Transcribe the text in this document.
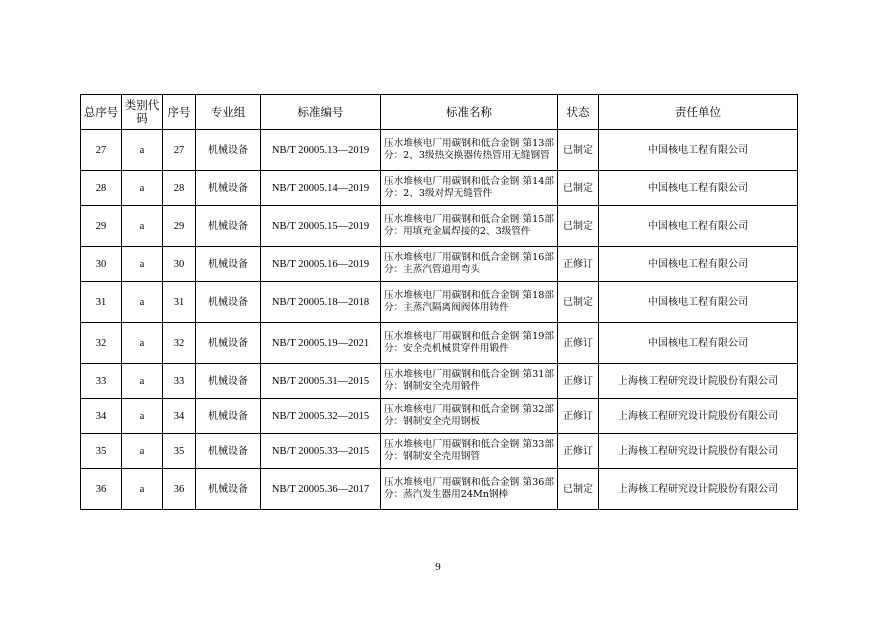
总序号	类别代码	序号	专业组	标准编号	标准名称	状态	责任单位
27	a	27	机械设备	NB/T 20005.13—2019	压水堆核电厂用碳钢和低合金钢 第13部分：2、3级热交换器传热管用无缝钢管	已制定	中国核电工程有限公司
28	a	28	机械设备	NB/T 20005.14—2019	压水堆核电厂用碳钢和低合金钢 第14部分：2、3级对焊无缝管件	已制定	中国核电工程有限公司
29	a	29	机械设备	NB/T 20005.15—2019	压水堆核电厂用碳钢和低合金钢 第15部分：用填充金属焊接的2、3级管件	已制定	中国核电工程有限公司
30	a	30	机械设备	NB/T 20005.16—2019	压水堆核电厂用碳钢和低合金钢 第16部分：主蒸汽管道用弯头	正修订	中国核电工程有限公司
31	a	31	机械设备	NB/T 20005.18—2018	压水堆核电厂用碳钢和低合金钢 第18部分：主蒸汽隔离阀阀体用铸件	已制定	中国核电工程有限公司
32	a	32	机械设备	NB/T 20005.19—2021	压水堆核电厂用碳钢和低合金钢 第19部分：安全壳机械贯穿件用锻件	正修订	中国核电工程有限公司
33	a	33	机械设备	NB/T 20005.31—2015	压水堆核电厂用碳钢和低合金钢 第31部分：钢制安全壳用锻件	正修订	上海核工程研究设计院股份有限公司
34	a	34	机械设备	NB/T 20005.32—2015	压水堆核电厂用碳钢和低合金钢 第32部分：钢制安全壳用钢板	正修订	上海核工程研究设计院股份有限公司
35	a	35	机械设备	NB/T 20005.33—2015	压水堆核电厂用碳钢和低合金钢 第33部分：钢制安全壳用钢管	正修订	上海核工程研究设计院股份有限公司
36	a	36	机械设备	NB/T 20005.36—2017	压水堆核电厂用碳钢和低合金钢 第36部分：蒸汽发生器用24Mn钢棒	已制定	上海核工程研究设计院股份有限公司
9
